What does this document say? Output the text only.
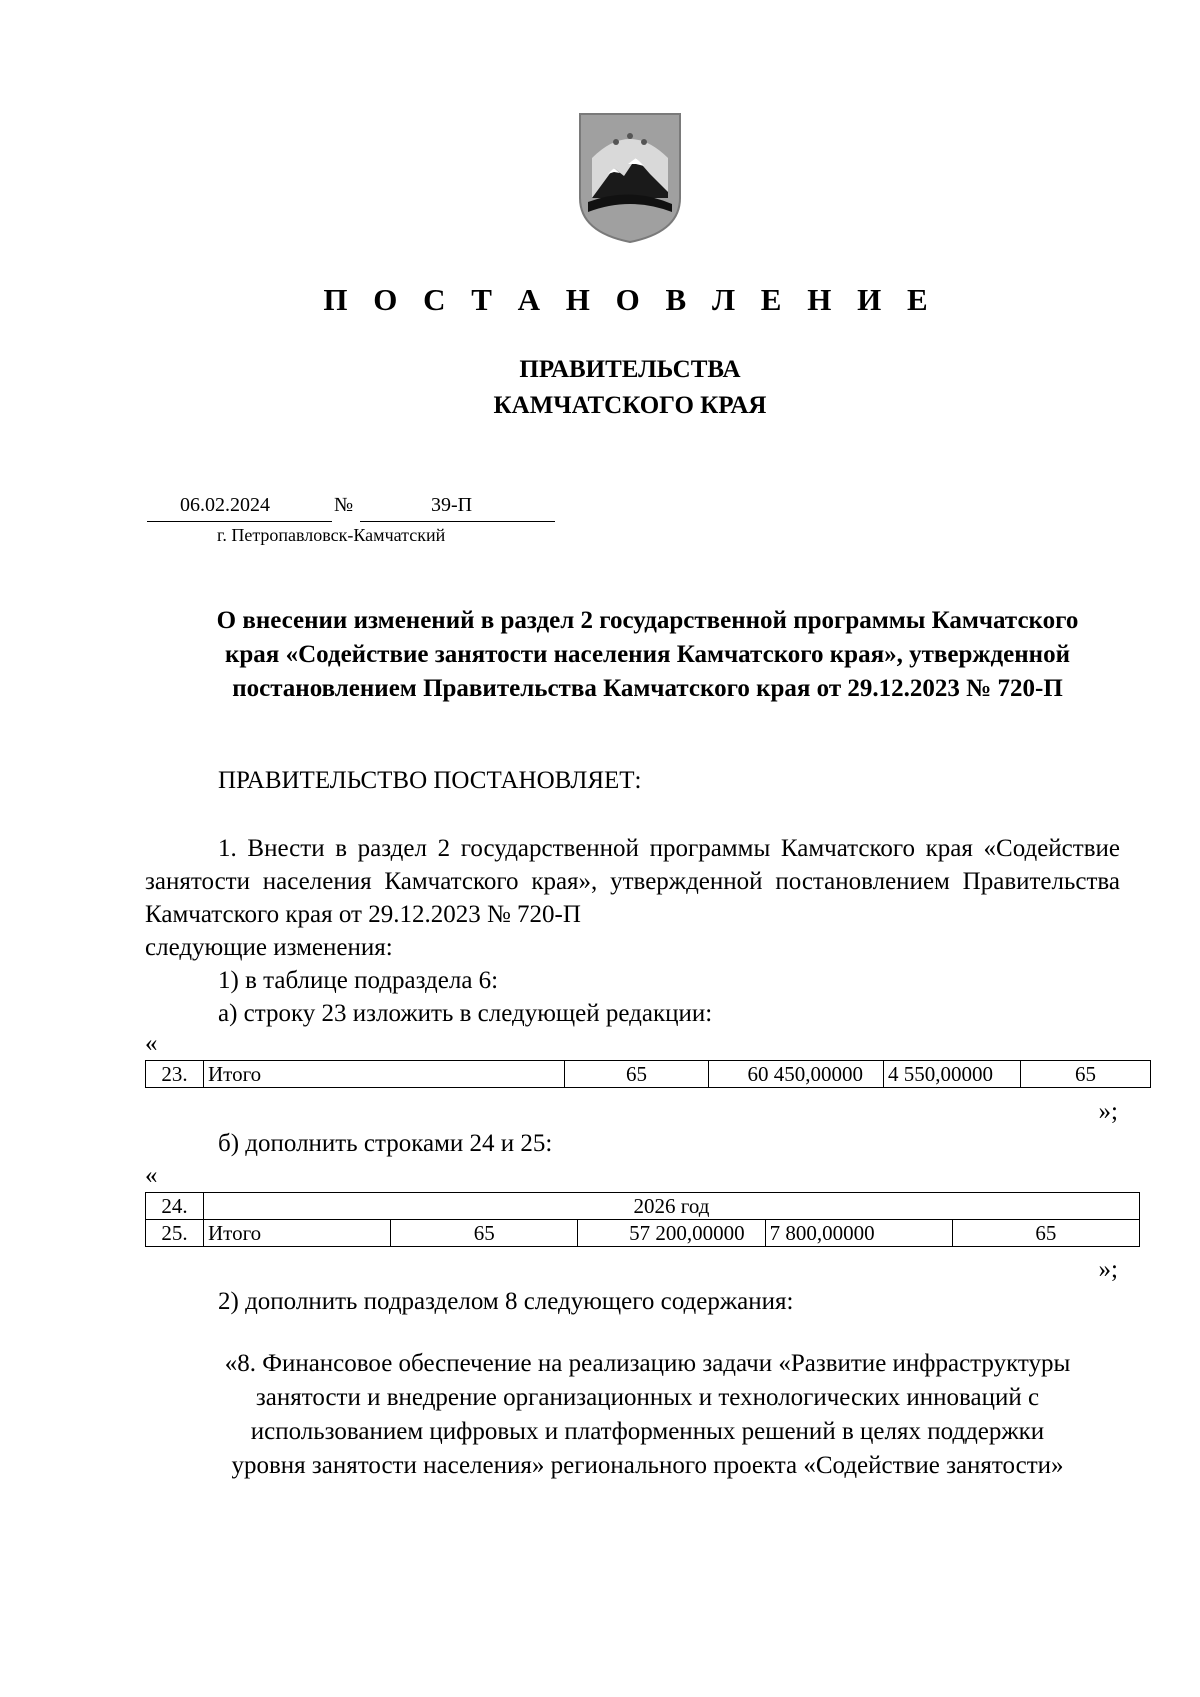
П О С Т А Н О В Л Е Н И Е
ПРАВИТЕЛЬСТВА
КАМЧАТСКОГО КРАЯ
06.02.2024	№	39-П
г. Петропавловск-Камчатский
О внесении изменений в раздел 2 государственной программы Камчатского
края «Содействие занятости населения Камчатского края», утвержденной
постановлением Правительства Камчатского края от 29.12.2023 № 720-П
ПРАВИТЕЛЬСТВО ПОСТАНОВЛЯЕТ:
1. Внести в раздел 2 государственной программы Камчатского края «Содействие занятости населения Камчатского края», утвержденной постановлением Правительства Камчатского края от 29.12.2023 № 720-П
следующие изменения:
1) в таблице подраздела 6:
а) строку 23 изложить в следующей редакции:
«
23.	Итого	65	60 450,00000	4 550,00000	65
»;
б) дополнить строками 24 и 25:
«
24.	2026 год				
25.	Итого	65	57 200,00000	7 800,00000	65
»;
2) дополнить подразделом 8 следующего содержания:
«8. Финансовое обеспечение на реализацию задачи «Развитие инфраструктуры
занятости и внедрение организационных и технологических инноваций с
использованием цифровых и платформенных решений в целях поддержки
уровня занятости населения» регионального проекта «Содействие занятости»
